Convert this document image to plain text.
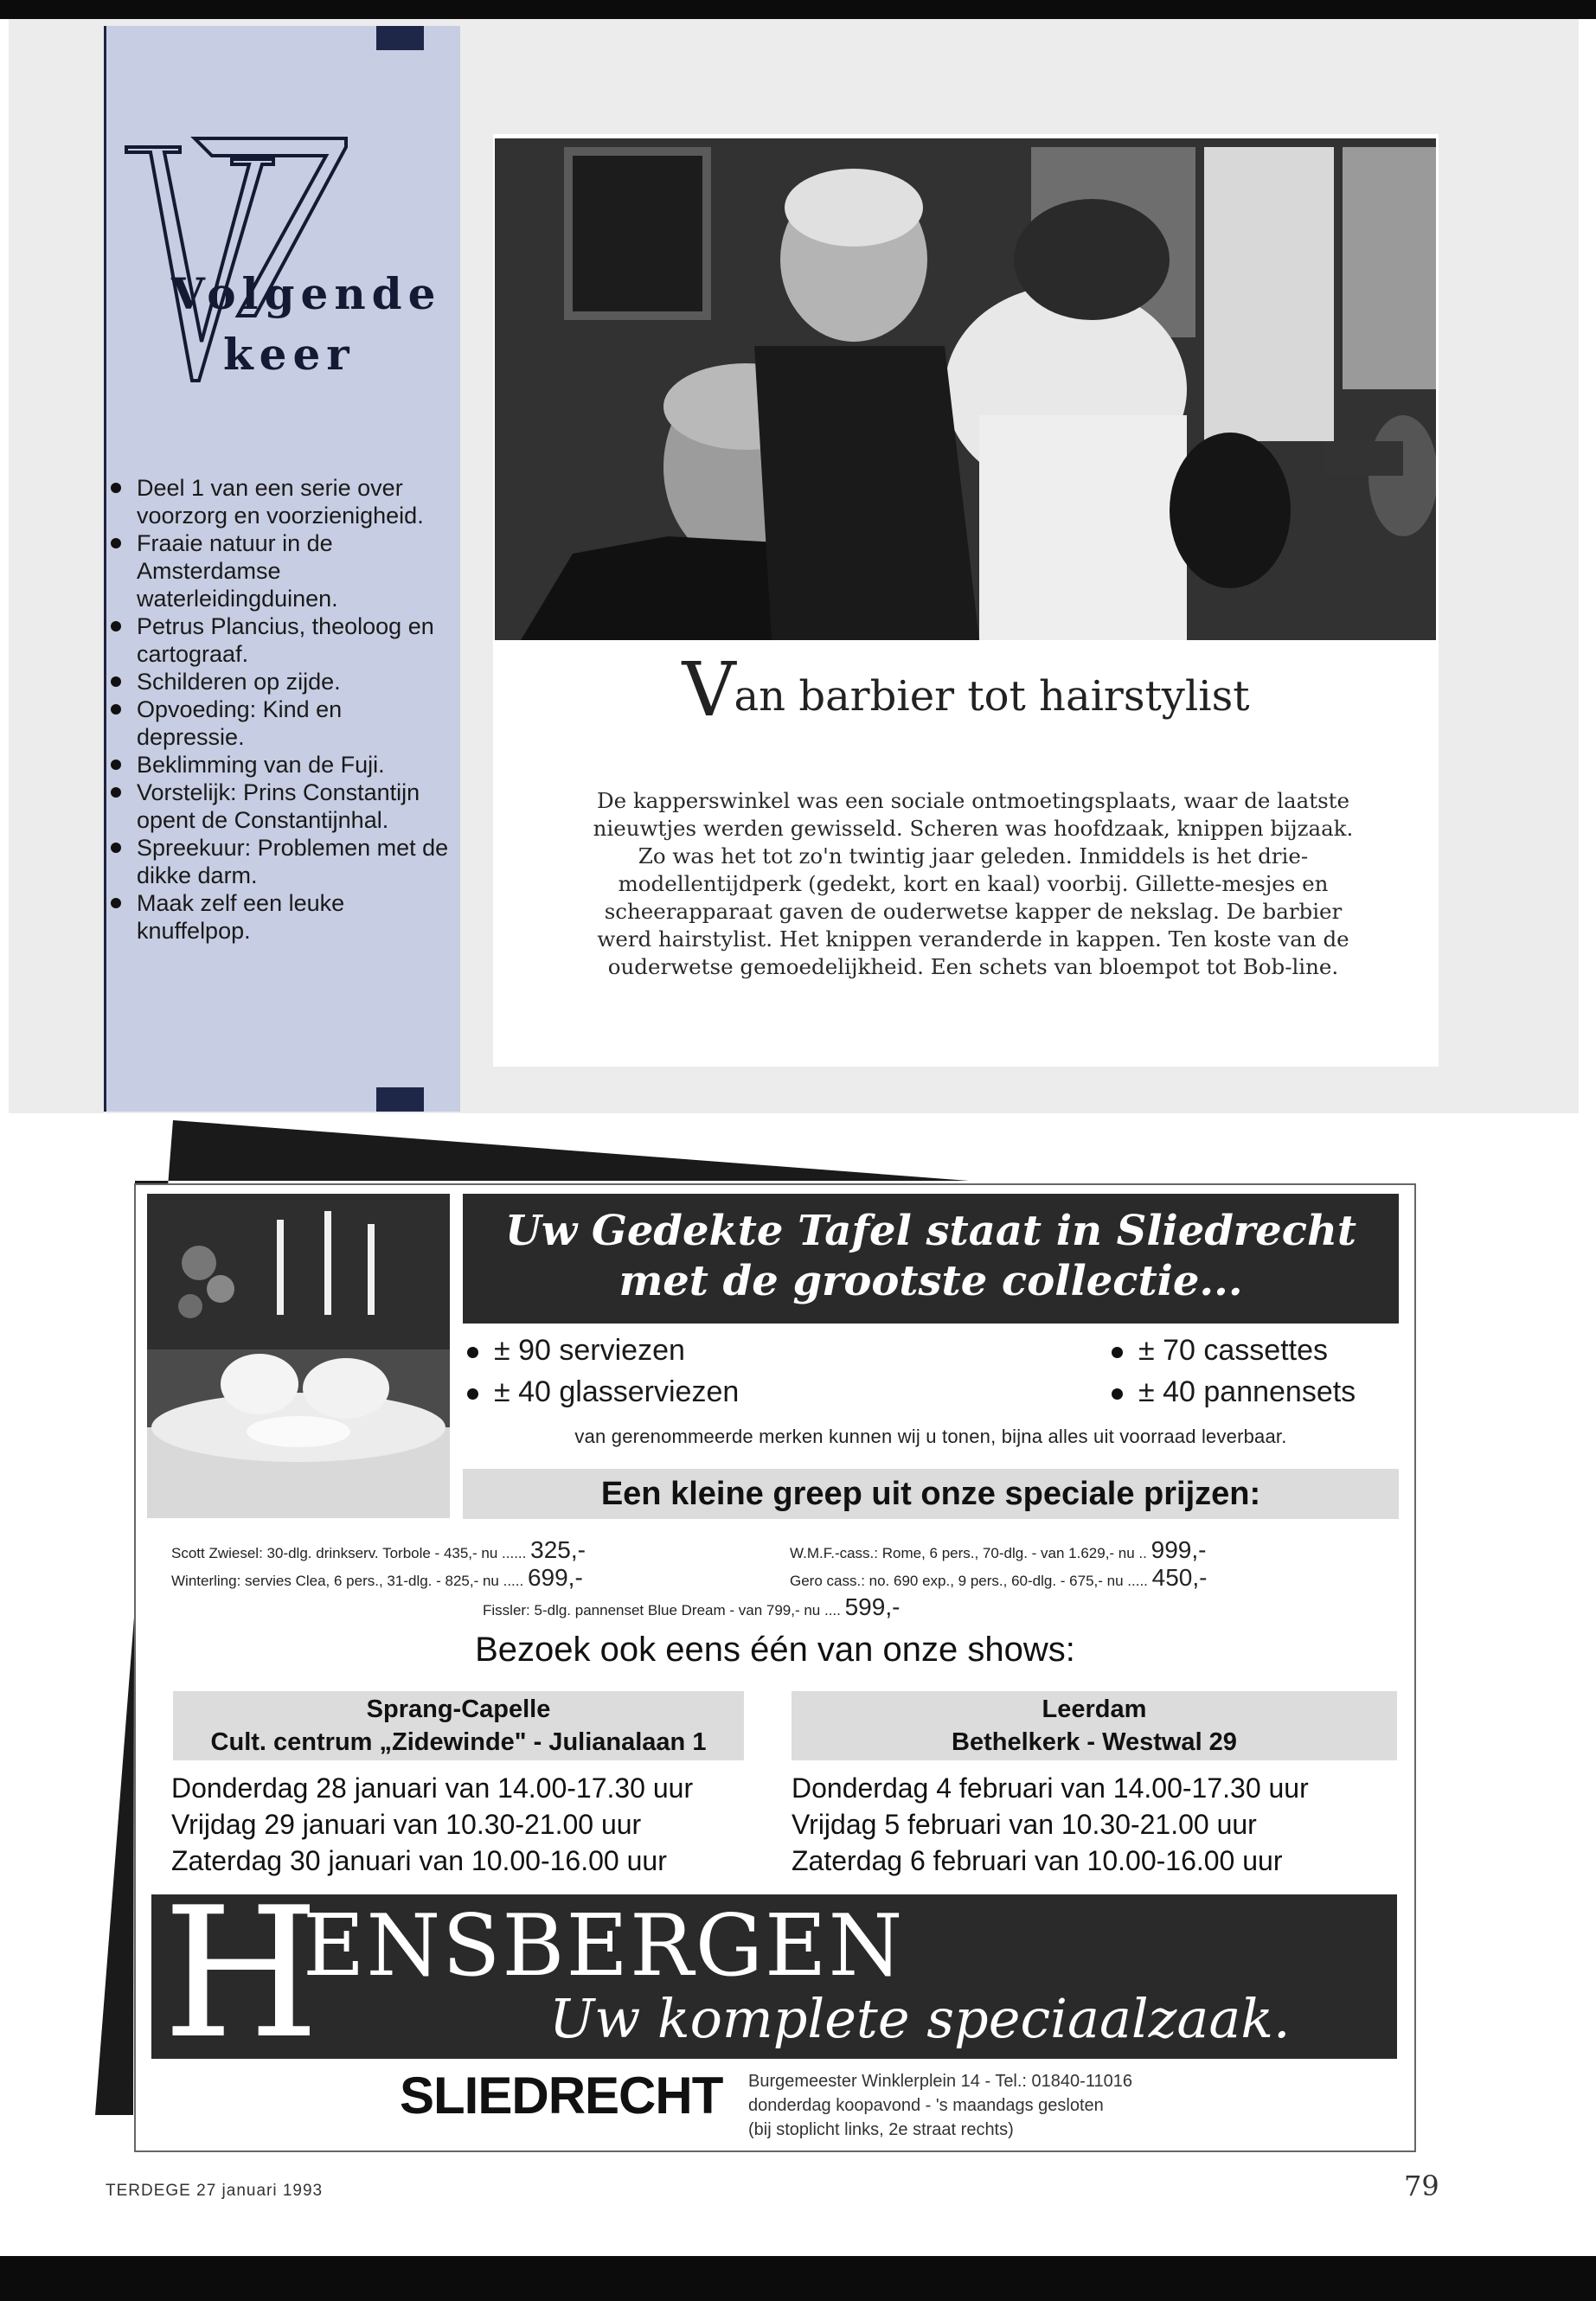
Volgende
keer
Deel 1 van een serie over voorzorg en voorzienigheid.
Fraaie natuur in de Amsterdamse waterleidingduinen.
Petrus Plancius, theoloog en cartograaf.
Schilderen op zijde.
Opvoeding: Kind en depressie.
Beklimming van de Fuji.
Vorstelijk: Prins Constantijn opent de Constantijnhal.
Spreekuur: Problemen met de dikke darm.
Maak zelf een leuke knuffelpop.
Van barbier tot hairstylist
De kapperswinkel was een sociale ontmoetingsplaats, waar de laatste nieuwtjes werden gewisseld. Scheren was hoofdzaak, knippen bijzaak. Zo was het tot zo'n twintig jaar geleden. Inmiddels is het drie-modellentijdperk (gedekt, kort en kaal) voorbij. Gillette-mesjes en scheerapparaat gaven de ouderwetse kapper de nekslag. De barbier werd hairstylist. Het knippen veranderde in kappen. Ten koste van de ouderwetse gemoedelijkheid. Een schets van bloempot tot Bob-line.
Uw Gedekte Tafel staat in Sliedrecht
met de grootste collectie...
± 90 serviezen
± 40 glasserviezen
± 70 cassettes
± 40 pannensets
van gerenommeerde merken kunnen wij u tonen, bijna alles uit voorraad leverbaar.
Een kleine greep uit onze speciale prijzen:
Scott Zwiesel: 30-dlg. drinkserv. Torbole - 435,- nu ...... 325,-
Winterling: servies Clea, 6 pers., 31-dlg. - 825,- nu ..... 699,-
W.M.F.-cass.: Rome, 6 pers., 70-dlg. - van 1.629,- nu .. 999,-
Gero cass.: no. 690 exp., 9 pers., 60-dlg. - 675,- nu ..... 450,-
Fissler: 5-dlg. pannenset Blue Dream - van 799,- nu .... 599,-
Bezoek ook eens één van onze shows:
Sprang-Capelle
Cult. centrum „Zidewinde" - Julianalaan 1
Leerdam
Bethelkerk - Westwal 29
Donderdag 28 januari van 14.00-17.30 uur
Vrijdag 29 januari van 10.30-21.00 uur
Zaterdag 30 januari van 10.00-16.00 uur
Donderdag 4 februari van 14.00-17.30 uur
Vrijdag 5 februari van 10.30-21.00 uur
Zaterdag 6 februari van 10.00-16.00 uur
H
ENSBERGEN
Uw komplete speciaalzaak.
SLIEDRECHT Burgemeester Winklerplein 14 - Tel.: 01840-11016
donderdag koopavond - 's maandags gesloten
(bij stoplicht links, 2e straat rechts)
TERDEGE 27 januari 1993	79
